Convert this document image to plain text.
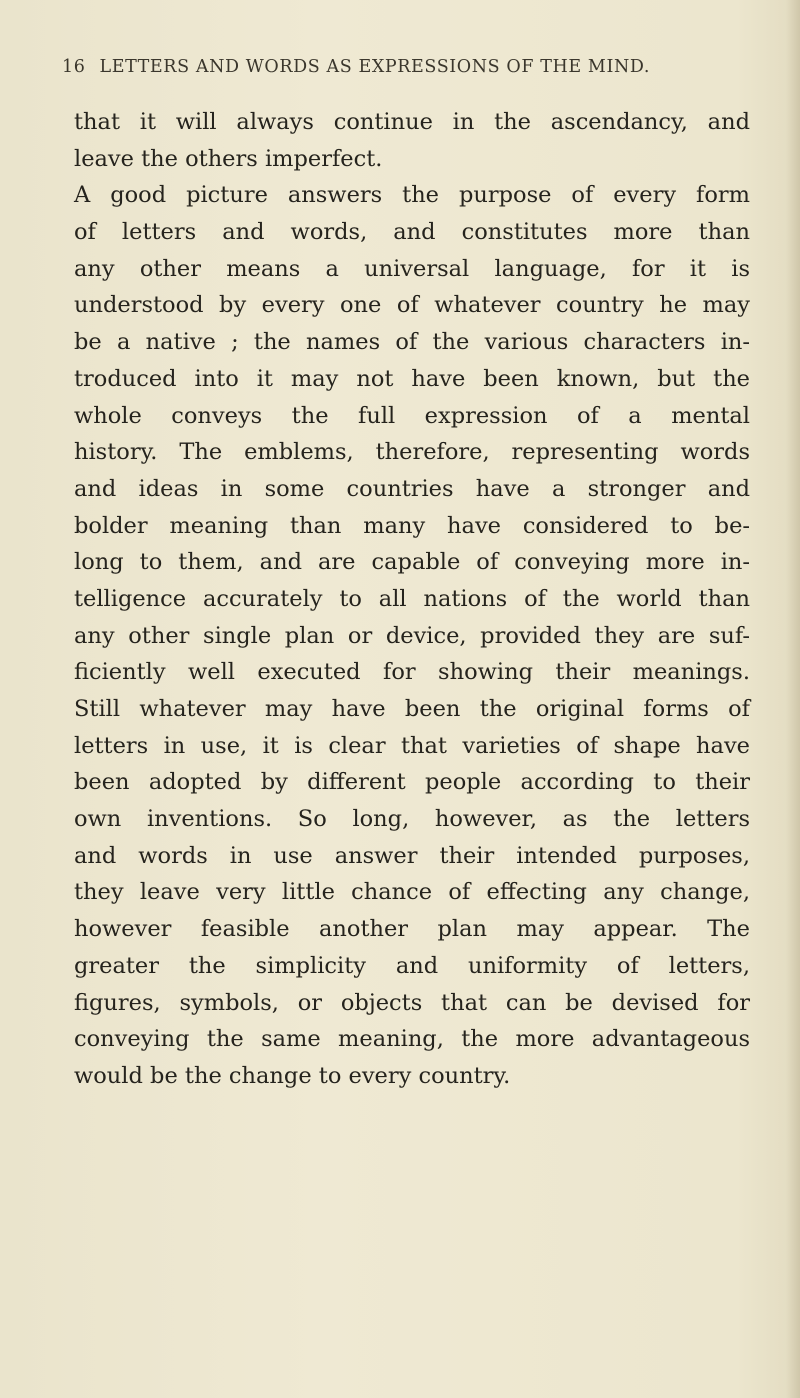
16 LETTERS AND WORDS AS EXPRESSIONS OF THE MIND.
that it will always continue in the ascendancy, and
leave the others imperfect.
A good picture answers the purpose of every form
of letters and words, and constitutes more than
any other means a universal language, for it is
understood by every one of whatever country he may
be a native ; the names of the various characters in-
troduced into it may not have been known, but the
whole conveys the full expression of a mental
history. The emblems, therefore, representing words
and ideas in some countries have a stronger and
bolder meaning than many have considered to be-
long to them, and are capable of conveying more in-
telligence accurately to all nations of the world than
any other single plan or device, provided they are suf-
ficiently well executed for showing their meanings.
Still whatever may have been the original forms of
letters in use, it is clear that varieties of shape have
been adopted by different people according to their
own inventions. So long, however, as the letters
and words in use answer their intended purposes,
they leave very little chance of effecting any change,
however feasible another plan may appear. The
greater the simplicity and uniformity of letters,
figures, symbols, or objects that can be devised for
conveying the same meaning, the more advantageous
would be the change to every country.
